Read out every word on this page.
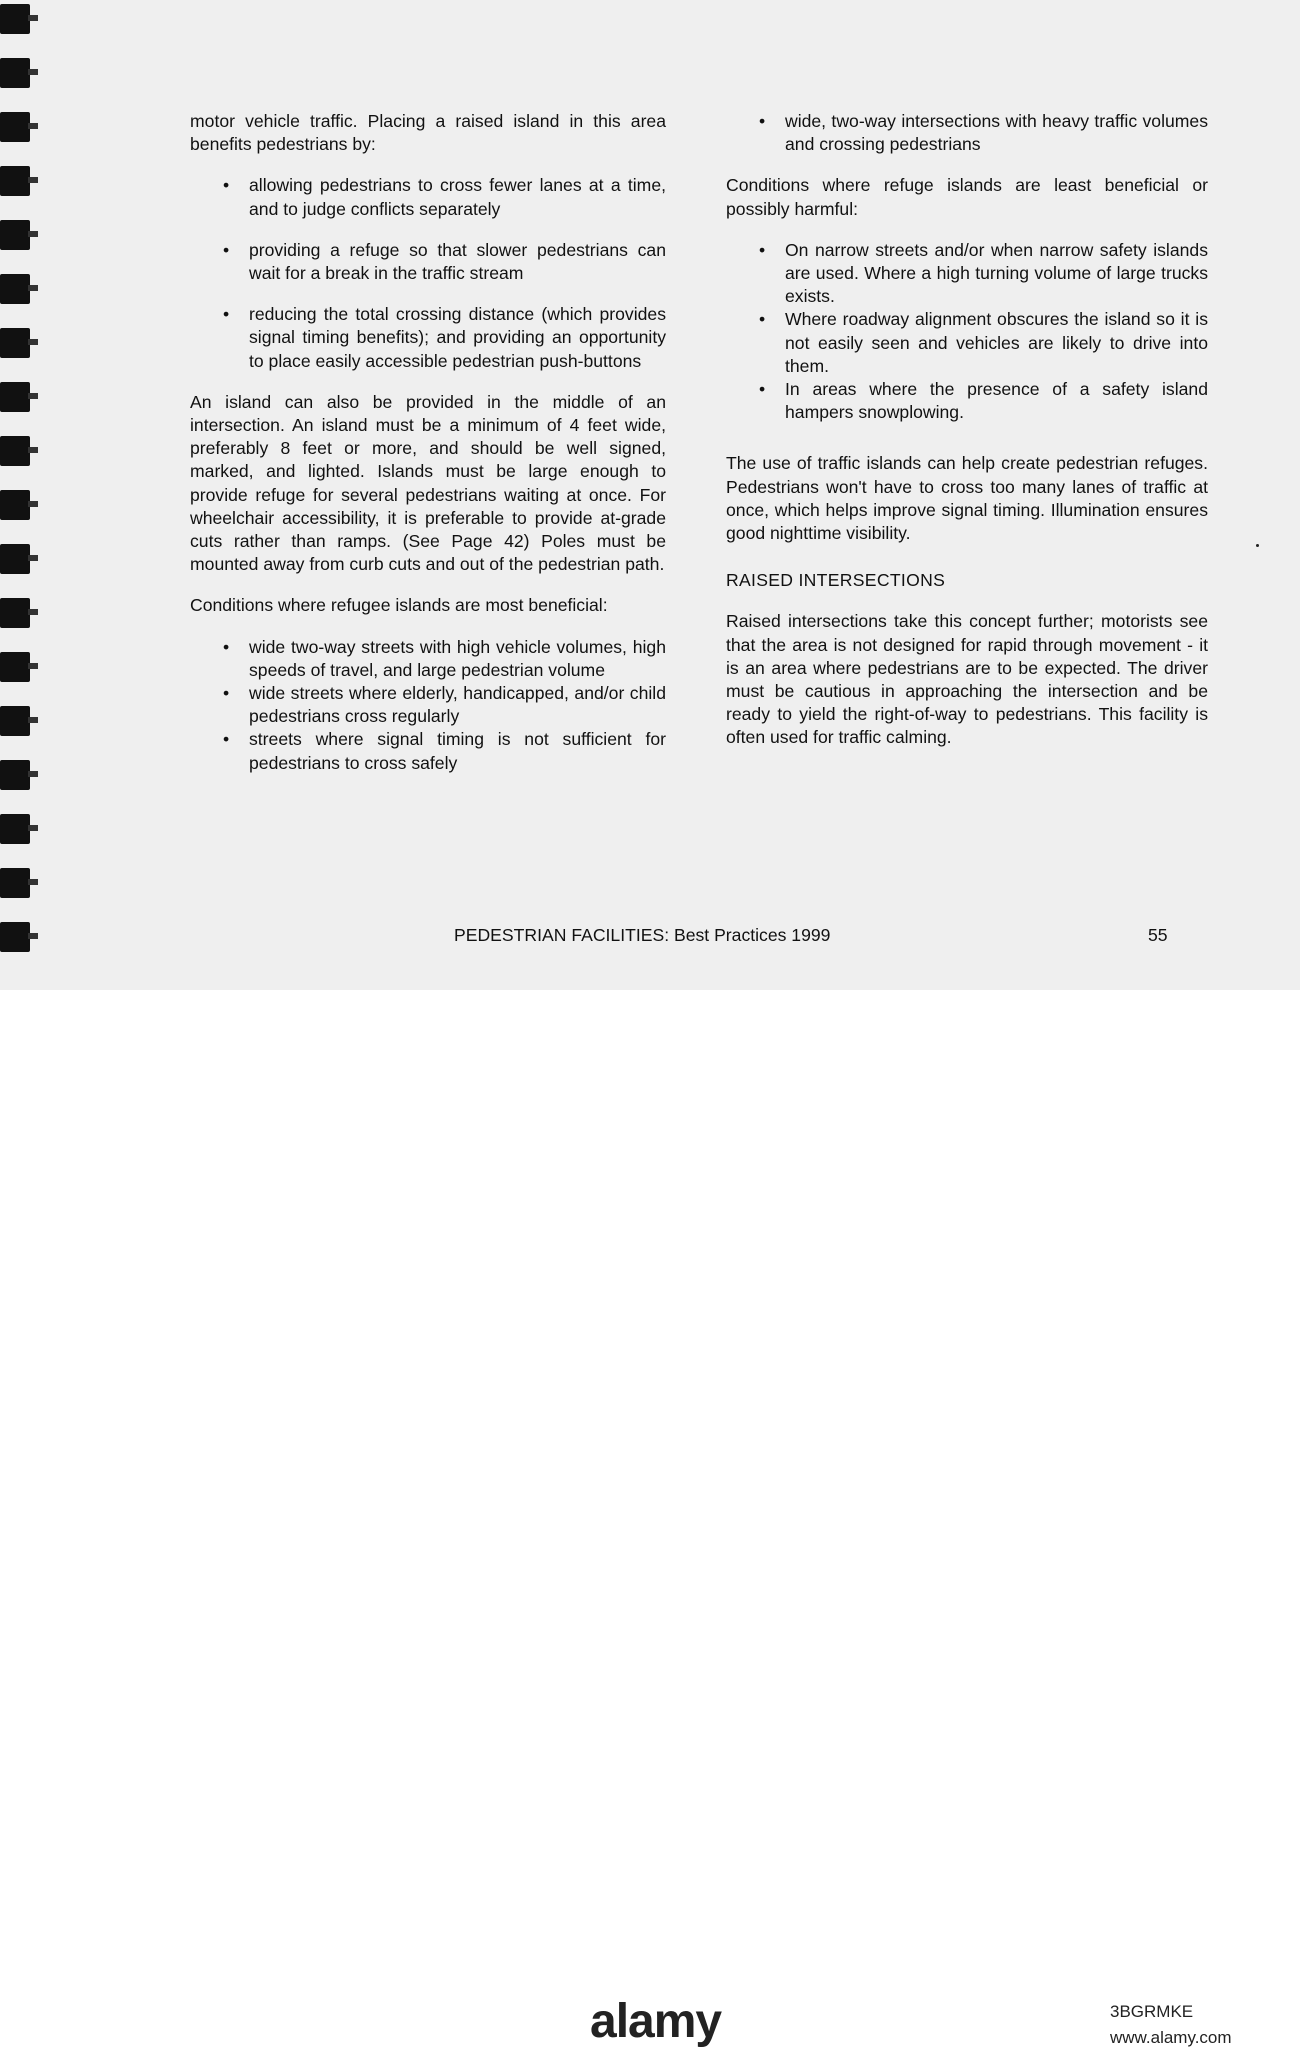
motor vehicle traffic. Placing a raised island in this area benefits pedestrians by:

• allowing pedestrians to cross fewer lanes at a time, and to judge conflicts separately
• providing a refuge so that slower pedestrians can wait for a break in the traffic stream
• reducing the total crossing distance (which provides signal timing benefits); and providing an opportunity to place easily accessible pedestrian push-buttons

An island can also be provided in the middle of an intersection. An island must be a minimum of 4 feet wide, preferably 8 feet or more, and should be well signed, marked, and lighted. Islands must be large enough to provide refuge for several pedestrians waiting at once. For wheelchair accessibility, it is preferable to provide at-grade cuts rather than ramps. (See Page 42) Poles must be mounted away from curb cuts and out of the pedestrian path.

Conditions where refugee islands are most beneficial:

• wide two-way streets with high vehicle volumes, high speeds of travel, and large pedestrian volume
• wide streets where elderly, handicapped, and/or child pedestrians cross regularly
• streets where signal timing is not sufficient for pedestrians to cross safely
• wide, two-way intersections with heavy traffic volumes and crossing pedestrians

Conditions where refuge islands are least beneficial or possibly harmful:

• On narrow streets and/or when narrow safety islands are used. Where a high turning volume of large trucks exists.
• Where roadway alignment obscures the island so it is not easily seen and vehicles are likely to drive into them.
• In areas where the presence of a safety island hampers snowplowing.

The use of traffic islands can help create pedestrian refuges. Pedestrians won't have to cross too many lanes of traffic at once, which helps improve signal timing. Illumination ensures good nighttime visibility.

RAISED INTERSECTIONS

Raised intersections take this concept further; motorists see that the area is not designed for rapid through movement - it is an area where pedestrians are to be expected. The driver must be cautious in approaching the intersection and be ready to yield the right-of-way to pedestrians. This facility is often used for traffic calming.

PEDESTRIAN FACILITIES: Best Practices 1999	55
alamy	3BGRMKE
www.alamy.com
